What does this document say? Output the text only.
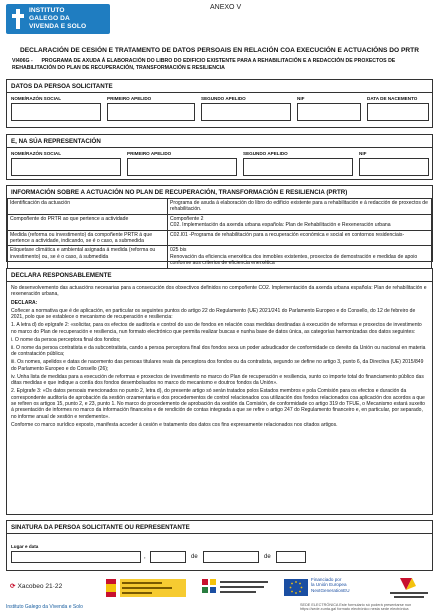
INSTITUTO
GALEGO DA
VIVENDA E SOLO
ANEXO V
DECLARACIÓN DE CESIÓN E TRATAMENTO DE DATOS PERSOAIS EN RELACIÓN COA EXECUCIÓN E ACTUACIÓNS DO PRTR
VI406G - PROGRAMA DE AXUDA Á ELABORACIÓN DO LIBRO DO EDIFICIO EXISTENTE PARA A REHABILITACIÓN E A REDACCIÓN DE PROXECTOS DE REHABILITACIÓN DO PLAN DE RECUPERACIÓN, TRANSFORMACIÓN E RESILIENCIA
DATOS DA PERSOA SOLICITANTE
NOME/RAZÓN SOCIAL	PRIMEIRO APELIDO	SEGUNDO APELIDO	NIF	DATA DE NACEMENTO
E, NA SÚA REPRESENTACIÓN
NOME/RAZÓN SOCIAL	PRIMEIRO APELIDO	SEGUNDO APELIDO	NIF
INFORMACIÓN SOBRE A ACTUACIÓN NO PLAN DE RECUPERACIÓN, TRANSFORMACIÓN E RESILIENCIA (PRTR)
Identificación da actuación	Programa de axuda á elaboración do libro do edificio existente para a rehabilitación e á redacción de proxectos de rehabilitación.
Compoñente do PRTR ao que pertence a actividade	Compoñente 2
C02. Implementación da axenda urbana española: Plan de Rehabilitación e Rexeneración urbana
Medida (reforma ou investimento) da compoñente PRTR á que pertence a actividade, indicando, se é o caso, a submedida	C02.I01 -Programa de rehabilitación para a recuperación económica e social en contornos residenciais-
Etiquetaxe climática e ambiental asignada á medida (reforma ou investimento) ou, se é o caso, á submedida	025 bis
Renovación da eficiencia enerxética dos inmobles existentes, proxectos de demostración e medidas de apoio conforme aos criterios de eficiencia enerxética
DECLARA RESPONSABLEMENTE

No desenvolvemento das actuacións necesarias para a consecución dos obxectivos definidos no compoñente CO2. Implementación da axenda urbana española: Plan de rehabilitación e rexeneración urbana,

DECLARA:

Coñecer a normativa que é de aplicación, en particular os seguintes puntos do artigo 22 do Regulamento (UE) 2021/241 do Parlamento Europeo e do Consello, do 12 de febreiro de 2021, polo que se establece o mecanismo de recuperación e resiliencia:

1. A letra d) do epígrafe 2: «solicitar, para os efectos de auditoría e control do uso de fondos en relación coas medidas destinadas á execución de reformas e proxectos de investimento no marco do Plan de recuperación e resiliencia, nun formato electrónico que permita realizar buscas e nunha base de datos única, as categorías harmonizadas dos datos seguintes:

i. O nome da persoa perceptora final dos fondos;

ii. O nome da persoa contratista e da subcontratista, cando a persoa perceptora final dos fondos sexa un poder adxudicador de conformidade co dereito da Unión ou nacional en materia de contratación pública;

iii. Os nomes, apelidos e datas de nacemento das persoas titulares reais da perceptora dos fondos ou da contratista, segundo se define no artigo 3, punto 6, da Directiva (UE) 2015/849 do Parlamento Europeo e do Consello (26);

iv. Unha lista de medidas para a execución de reformas e proxectos de investimento no marco do Plan de recuperación e resiliencia, xunto co importe total do financiamento público das ditas medidas e que indique a contía dos fondos desembolsados no marco do mecanismo e doutros fondos da Unión».

2. Epígrafe 3: «Os datos persoais mencionados no punto 2, letra d), do presente artigo só serán tratados polos Estados membros e pola Comisión para os efectos e duración da correspondente auditoría de aprobación da xestión orzamentaria e dos procedementos de control relacionados coa utilización dos fondos relacionados coa aplicación dos acordos a que se refiren os artigos 15, punto 2, e 23, punto 1. No marco do procedemento de aprobación da xestión da Comisión, de conformidade co artigo 319 do TFUE, o Mecanismo estará suxeito á presentación de informes no marco da información financeira e de rendición de contas integrada a que se refire o artigo 247 do Regulamento financeiro e, en particular, por separado, no informe anual de xestión e rendemento».

Conforme co marco xurídico exposto, manifesta acceder á cesión e tratamento dos datos cos fins expresamente relacionados nos citados artigos.

SINATURA DA PERSOA SOLICITANTE OU REPRESENTANTE
Lugar e data
,	de	de
⟳ Xacobeo 21·22
Financiado por
la Unión Europea
NextGenerationEU
Instituto Galego da Vivenda e Solo	SEDE ELECTRÓNICA Este formulario só poderá presentarse nun
https://sede.xunta.gal formato electrónico nesta sede electrónica
